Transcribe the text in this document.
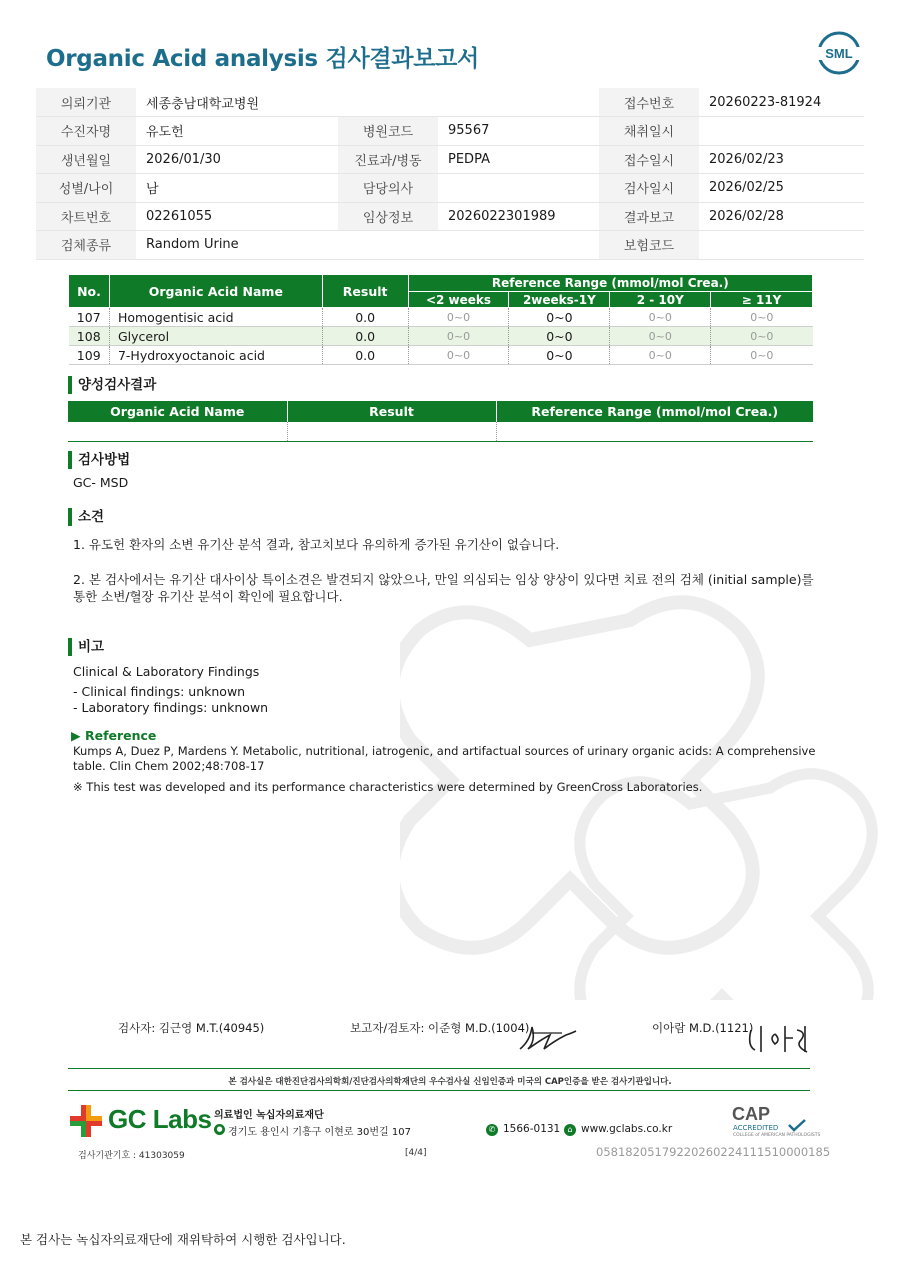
Organic Acid analysis 검사결과보고서	SML
의뢰기관	세종충남대학교병원			접수번호	20260223-81924
수진자명	유도헌	병원코드	95567	채취일시	
생년월일	2026/01/30	진료과/병동	PEDPA	접수일시	2026/02/23
성별/나이	남	담당의사		검사일시	2026/02/25
차트번호	02261055	임상정보	2026022301989	결과보고	2026/02/28
검체종류	Random Urine			보험코드	
No.	Organic Acid Name	Result	Reference Range (mmol/mol Crea.)			
			<2 weeks	2weeks-1Y	2 - 10Y	≥ 11Y
107	Homogentisic acid	0.0	0~0	0~0	0~0	0~0
108	Glycerol	0.0	0~0	0~0	0~0	0~0
109	7-Hydroxyoctanoic acid	0.0	0~0	0~0	0~0	0~0
양성검사결과
Organic Acid Name	Result	Reference Range (mmol/mol Crea.)

검사방법
GC- MSD
소견
1. 유도헌 환자의 소변 유기산 분석 결과, 참고치보다 유의하게 증가된 유기산이 없습니다.
2. 본 검사에서는 유기산 대사이상 특이소견은 발견되지 않았으나, 만일 의심되는 임상 양상이 있다면 치료 전의 검체 (initial sample)를
통한 소변/혈장 유기산 분석이 확인에 필요합니다.
비고
Clinical & Laboratory Findings
- Clinical findings: unknown
- Laboratory findings: unknown
▶ Reference
Kumps A, Duez P, Mardens Y. Metabolic, nutritional, iatrogenic, and artifactual sources of urinary organic acids: A comprehensive
table. Clin Chem 2002;48:708-17
※ This test was developed and its performance characteristics were determined by GreenCross Laboratories.
검사자: 김근영 M.T.(40945)	보고자/검토자: 이준형 M.D.(1004)	이아람 M.D.(1121)
본 검사실은 대한진단검사의학회/진단검사의학재단의 우수검사실 신임인증과 미국의 CAP인증을 받은 검사기관입니다.
GC Labs 의료법인 녹십자의료재단
● 경기도 용인시 기흥구 이현로 30번길 107	✆ 1566-0131 ⌂ www.gclabs.co.kr
CAP
ACCREDITED
COLLEGE of AMERICAN PATHOLOGISTS
검사기관기호 : 41303059	[4/4]	05818205179220260224111510000185
본 검사는 녹십자의료재단에 재위탁하여 시행한 검사입니다.
